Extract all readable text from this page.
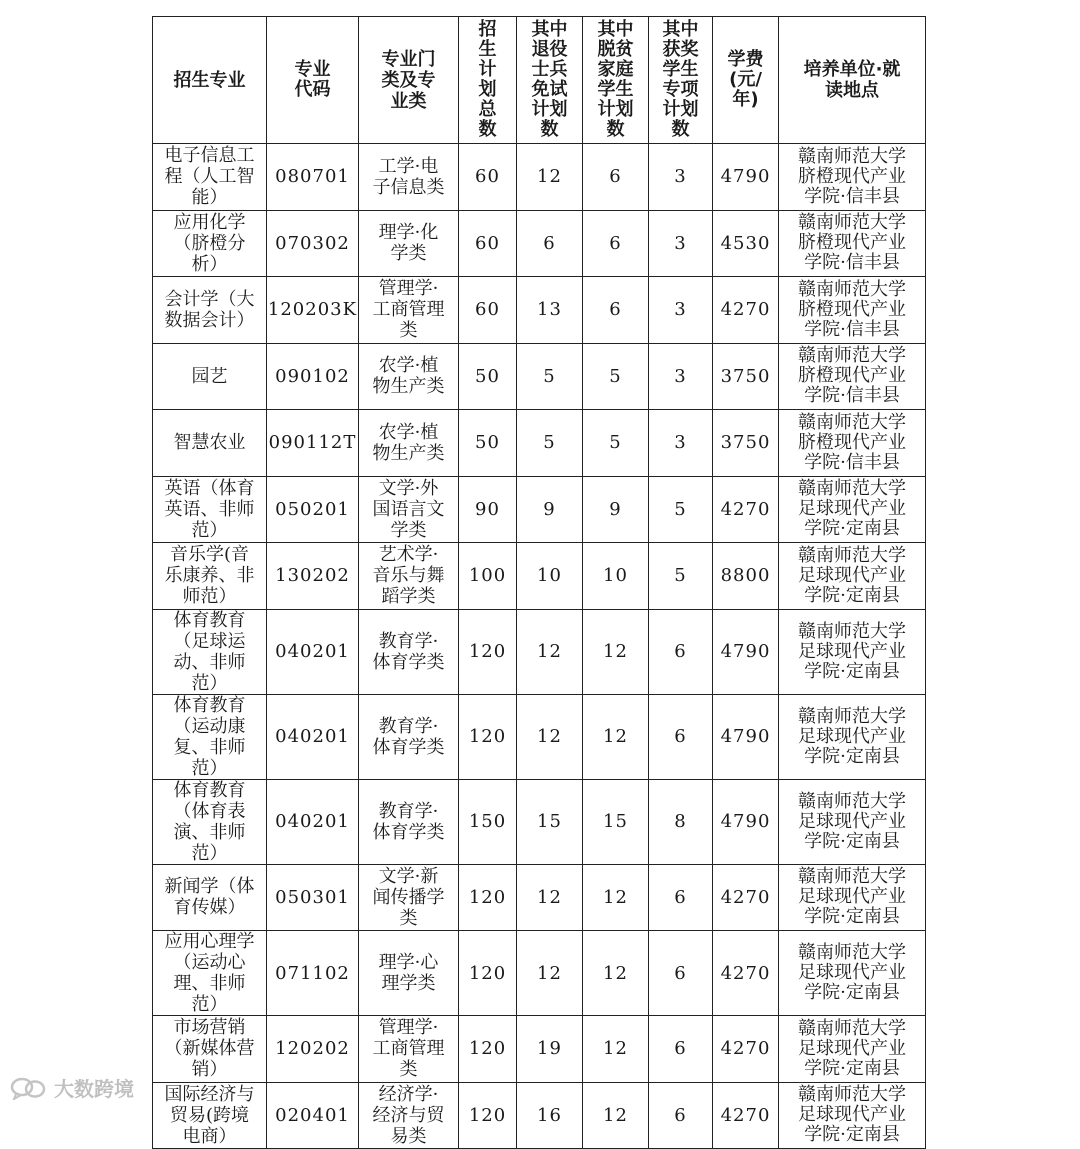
招生专业	专业代码	专业门类及专业类	招生计划总数	其中退役士兵免试计划数	其中脱贫家庭学生计划数	其中获奖学生专项计划数	学费(元/年)	培养单位·就读地点

电子信息工程（人工智能）	080701	工学·电子信息类	60	12	6	3	4790	赣南师范大学脐橙现代产业学院·信丰县

应用化学（脐橙分析）	070302	理学·化学类	60	6	6	3	4530	赣南师范大学脐橙现代产业学院·信丰县

会计学（大数据会计）	120203K	管理学·工商管理类	60	13	6	3	4270	赣南师范大学脐橙现代产业学院·信丰县

园艺	090102	农学·植物生产类	50	5	5	3	3750	赣南师范大学脐橙现代产业学院·信丰县

智慧农业	090112T	农学·植物生产类	50	5	5	3	3750	赣南师范大学脐橙现代产业学院·信丰县

英语（体育英语、非师范）	050201	文学·外国语言文学类	90	9	9	5	4270	赣南师范大学足球现代产业学院·定南县

音乐学(音乐康养、非师范）	130202	艺术学·音乐与舞蹈学类	100	10	10	5	8800	赣南师范大学足球现代产业学院·定南县

体育教育（足球运动、非师范）	040201	教育学·体育学类	120	12	12	6	4790	赣南师范大学足球现代产业学院·定南县

体育教育（运动康复、非师范）	040201	教育学·体育学类	120	12	12	6	4790	赣南师范大学足球现代产业学院·定南县

体育教育（体育表演、非师范）	040201	教育学·体育学类	150	15	15	8	4790	赣南师范大学足球现代产业学院·定南县

新闻学（体育传媒）	050301	文学·新闻传播学类	120	12	12	6	4270	赣南师范大学足球现代产业学院·定南县

应用心理学（运动心理、非师范）	071102	理学·心理学类	120	12	12	6	4270	赣南师范大学足球现代产业学院·定南县

市场营销（新媒体营销）	120202	管理学·工商管理类	120	19	12	6	4270	赣南师范大学足球现代产业学院·定南县

国际经济与贸易(跨境电商）	020401	经济学·经济与贸易类	120	16	12	6	4270	赣南师范大学足球现代产业学院·定南县
大数跨境
